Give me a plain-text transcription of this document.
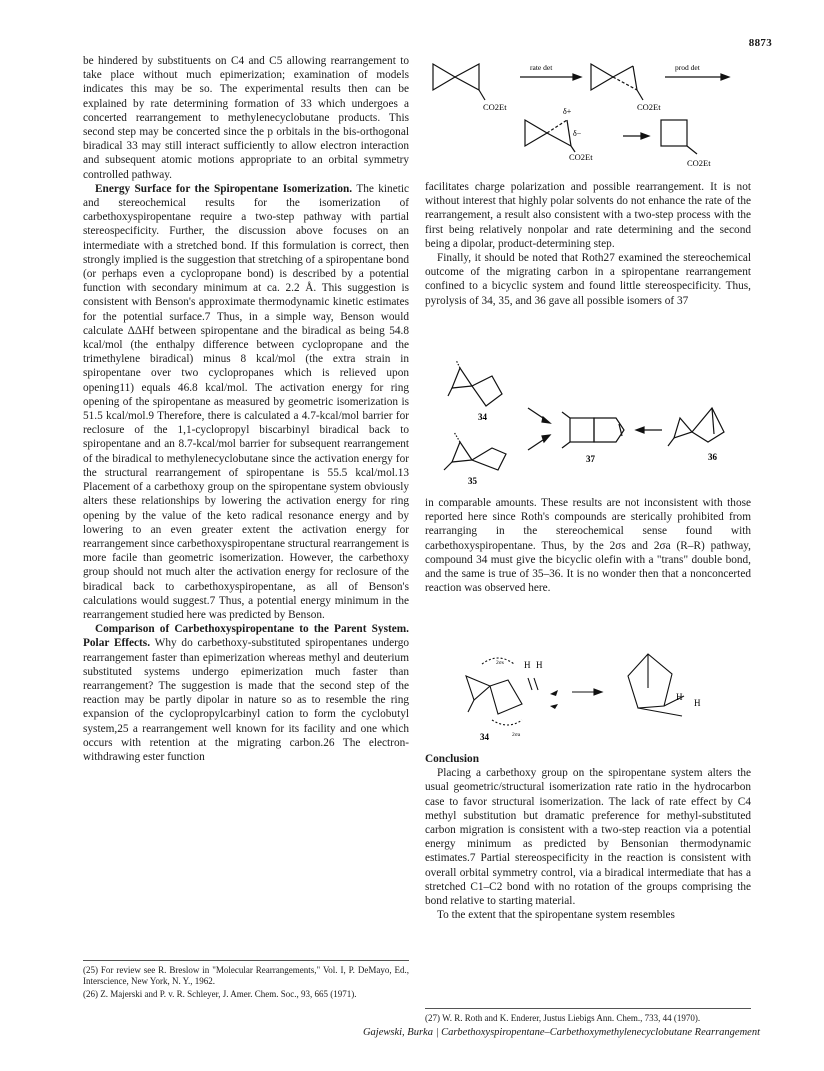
8873

be hindered by substituents on C4 and C5 allowing rearrangement to take place without much epimerization; examination of models indicates this may be so. The experimental results then can be explained by rate determining formation of 33 which undergoes a concerted rearrangement to methylenecyclobutane products. This second step may be concerted since the p orbitals in the bis-orthogonal biradical 33 may still interact sufficiently to allow electron interaction and subsequent atomic motions appropriate to an orbital symmetry controlled pathway.

Energy Surface for the Spiropentane Isomerization. The kinetic and stereochemical results for the isomerization of carbethoxyspiropentane require a two-step pathway with partial stereospecificity. Further, the discussion above focuses on an intermediate with a stretched bond. If this formulation is correct, then strongly implied is the suggestion that stretching of a spiropentane bond (or perhaps even a cyclopropane bond) is described by a potential function with secondary minimum at ca. 2.2 Å. This suggestion is consistent with Benson's approximate thermodynamic kinetic estimates for the potential surface.7 Thus, in a simple way, Benson would calculate ΔΔHf between spiropentane and the biradical as being 54.8 kcal/mol (the enthalpy difference between cyclopropane and the trimethylene biradical) minus 8 kcal/mol (the extra strain in spiropentane over two cyclopropanes which is relieved upon opening11) equals 46.8 kcal/mol. The activation energy for ring opening of the spiropentane as measured by geometric isomerization is 51.5 kcal/mol.9 Therefore, there is calculated a 4.7-kcal/mol barrier for reclosure of the 1,1-cyclopropyl biscarbinyl biradical back to spiropentane and an 8.7-kcal/mol barrier for subsequent rearrangement of the biradical to methylenecyclobutane since the activation energy for the structural rearrangement of spiropentane is 55.5 kcal/mol.13 Placement of a carbethoxy group on the spiropentane system obviously alters these relationships by lowering the activation energy for ring opening by the value of the keto radical resonance energy and by lowering to an even greater extent the activation energy for rearrangement since carbethoxyspiropentane structural rearrangement is more facile than geometric isomerization. However, the carbethoxy group should not much alter the activation energy for reclosure of the biradical back to carbethoxyspiropentane, as all of Benson's calculations would suggest.7 Thus, a potential energy minimum in the rearrangement studied here was predicted by Benson.

Comparison of Carbethoxyspiropentane to the Parent System. Polar Effects. Why do carbethoxy-substituted spiropentanes undergo rearrangement faster than epimerization whereas methyl and deuterium substituted systems undergo epimerization much faster than rearrangement? The suggestion is made that the second step of the reaction may be partly dipolar in nature so as to resemble the ring expansion of the cyclopropylcarbinyl cation to form the cyclobutyl system,25 a rearrangement well known for its facility and one which occurs with retention at the migrating carbon.26 The electron-withdrawing ester function

(25) For review see R. Breslow in "Molecular Rearrangements," Vol. I, P. DeMayo, Ed., Interscience, New York, N. Y., 1962.

(26) Z. Majerski and P. v. R. Schleyer, J. Amer. Chem. Soc., 93, 665 (1971).

rate det	prod det
CO2Et	CO2Et
δ+
δ−
CO2Et
CO2Et

facilitates charge polarization and possible rearrangement. It is not without interest that highly polar solvents do not enhance the rate of the rearrangement, a result also consistent with a two-step process with the first being relatively nonpolar and rate determining and the second being a dipolar, product-determining step.

Finally, it should be noted that Roth27 examined the stereochemical outcome of the migrating carbon in a spiropentane rearrangement confined to a bicyclic system and found little stereospecificity. Thus, pyrolysis of 34, 35, and 36 gave all possible isomers of 37

34
35
36
37

in comparable amounts. These results are not inconsistent with those reported here since Roth's compounds are sterically prohibited from rearranging in the stereochemical sense found with carbethoxyspiropentane. Thus, by the 2σs and 2σa (R–R) pathway, compound 34 must give the bicyclic olefin with a "trans" double bond, and the same is true of 35–36. It is no wonder then that a nonconcerted reaction was observed here.

H H
H
H
2σs
2σa
34

Conclusion

Placing a carbethoxy group on the spiropentane system alters the usual geometric/structural isomerization rate ratio in the hydrocarbon case to favor structural isomerization. The lack of rate effect by C4 methyl substitution but dramatic preference for methyl-substituted carbon migration is consistent with a two-step reaction via a potential energy minimum as predicted by Bensonian thermodynamic estimates.7 Partial stereospecificity in the reaction is consistent with overall orbital symmetry control, via a biradical intermediate that has a stretched C1–C2 bond with no rotation of the groups comprising the bond relative to starting material.

To the extent that the spiropentane system resembles

(27) W. R. Roth and K. Enderer, Justus Liebigs Ann. Chem., 733, 44 (1970).

Gajewski, Burka | Carbethoxyspiropentane–Carbethoxymethylenecyclobutane Rearrangement
